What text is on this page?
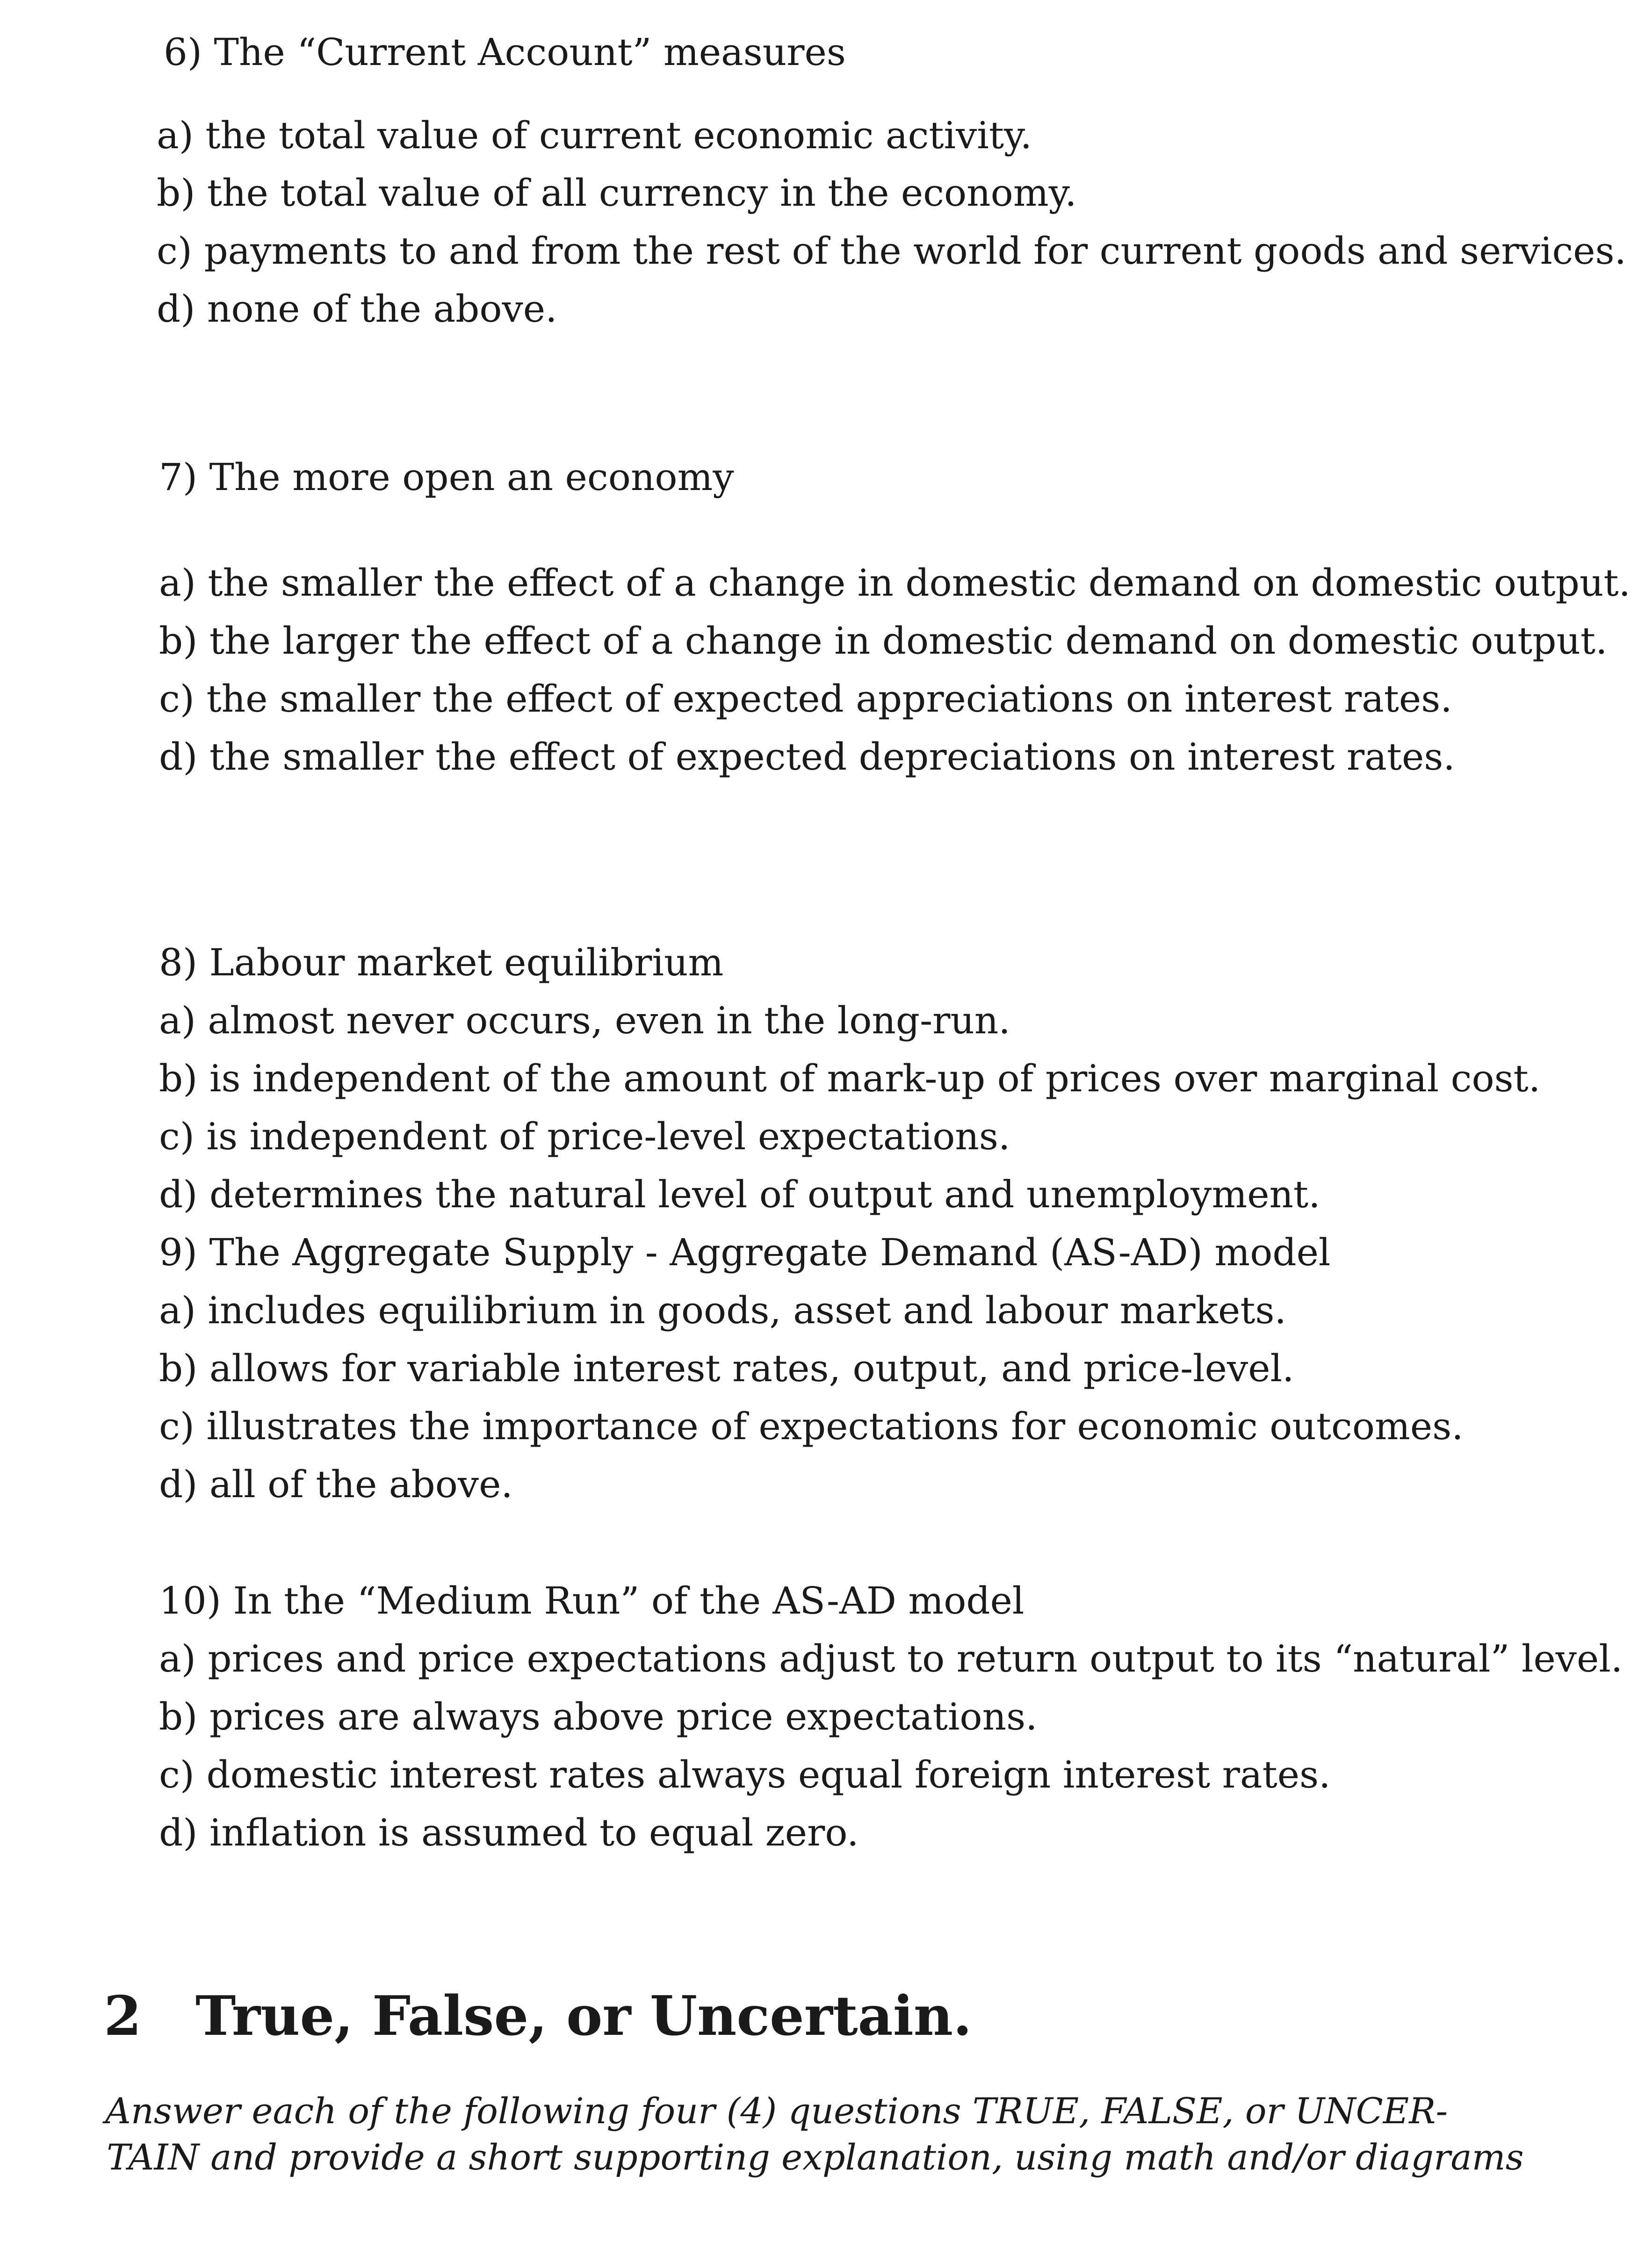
6) The “Current Account” measures
a) the total value of current economic activity.
b) the total value of all currency in the economy.
c) payments to and from the rest of the world for current goods and services.
d) none of the above.
7) The more open an economy
a) the smaller the effect of a change in domestic demand on domestic output.
b) the larger the effect of a change in domestic demand on domestic output.
c) the smaller the effect of expected appreciations on interest rates.
d) the smaller the effect of expected depreciations on interest rates.
8) Labour market equilibrium
a) almost never occurs, even in the long-run.
b) is independent of the amount of mark-up of prices over marginal cost.
c) is independent of price-level expectations.
d) determines the natural level of output and unemployment.
9) The Aggregate Supply - Aggregate Demand (AS-AD) model
a) includes equilibrium in goods, asset and labour markets.
b) allows for variable interest rates, output, and price-level.
c) illustrates the importance of expectations for economic outcomes.
d) all of the above.
10) In the “Medium Run” of the AS-AD model
a) prices and price expectations adjust to return output to its “natural” level.
b) prices are always above price expectations.
c) domestic interest rates always equal foreign interest rates.
d) inflation is assumed to equal zero.
2 True, False, or Uncertain.
Answer each of the following four (4) questions TRUE, FALSE, or UNCER-
TAIN and provide a short supporting explanation, using math and/or diagrams
